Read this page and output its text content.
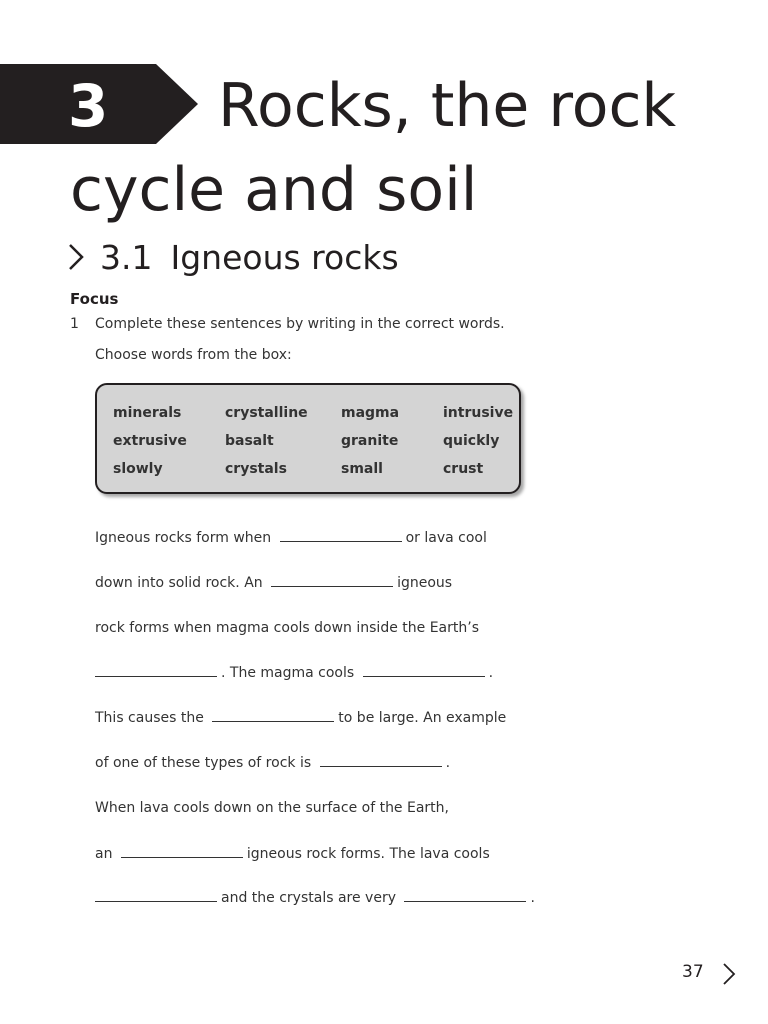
3 Rocks, the rock
cycle and soil
3.1 Igneous rocks
Focus
1 Complete these sentences by writing in the correct words.
Choose words from the box:
minerals	crystalline magma	intrusive
extrusive	basalt	granite	quickly
slowly	crystals	small	crust
Igneous rocks form when	or lava cool
down into solid rock. An	igneous
rock forms when magma cools down inside the Earth’s
. The magma cools	.
This causes the	to be large. An example
of one of these types of rock is	.
When lava cools down on the surface of the Earth,
an	igneous rock forms. The lava cools
and the crystals are very	.
37
